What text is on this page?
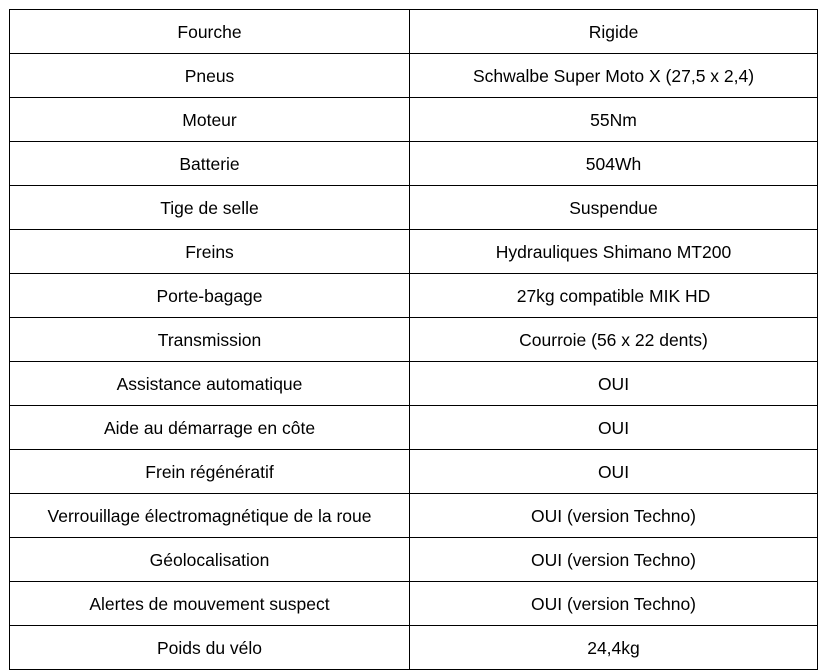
Fourche	Rigide
Pneus	Schwalbe Super Moto X (27,5 x 2,4)
Moteur	55Nm
Batterie	504Wh
Tige de selle	Suspendue
Freins	Hydrauliques Shimano MT200
Porte-bagage	27kg compatible MIK HD
Transmission	Courroie (56 x 22 dents)
Assistance automatique	OUI
Aide au démarrage en côte	OUI
Frein régénératif	OUI
Verrouillage électromagnétique de la roue	OUI (version Techno)
Géolocalisation	OUI (version Techno)
Alertes de mouvement suspect	OUI (version Techno)
Poids du vélo	24,4kg
